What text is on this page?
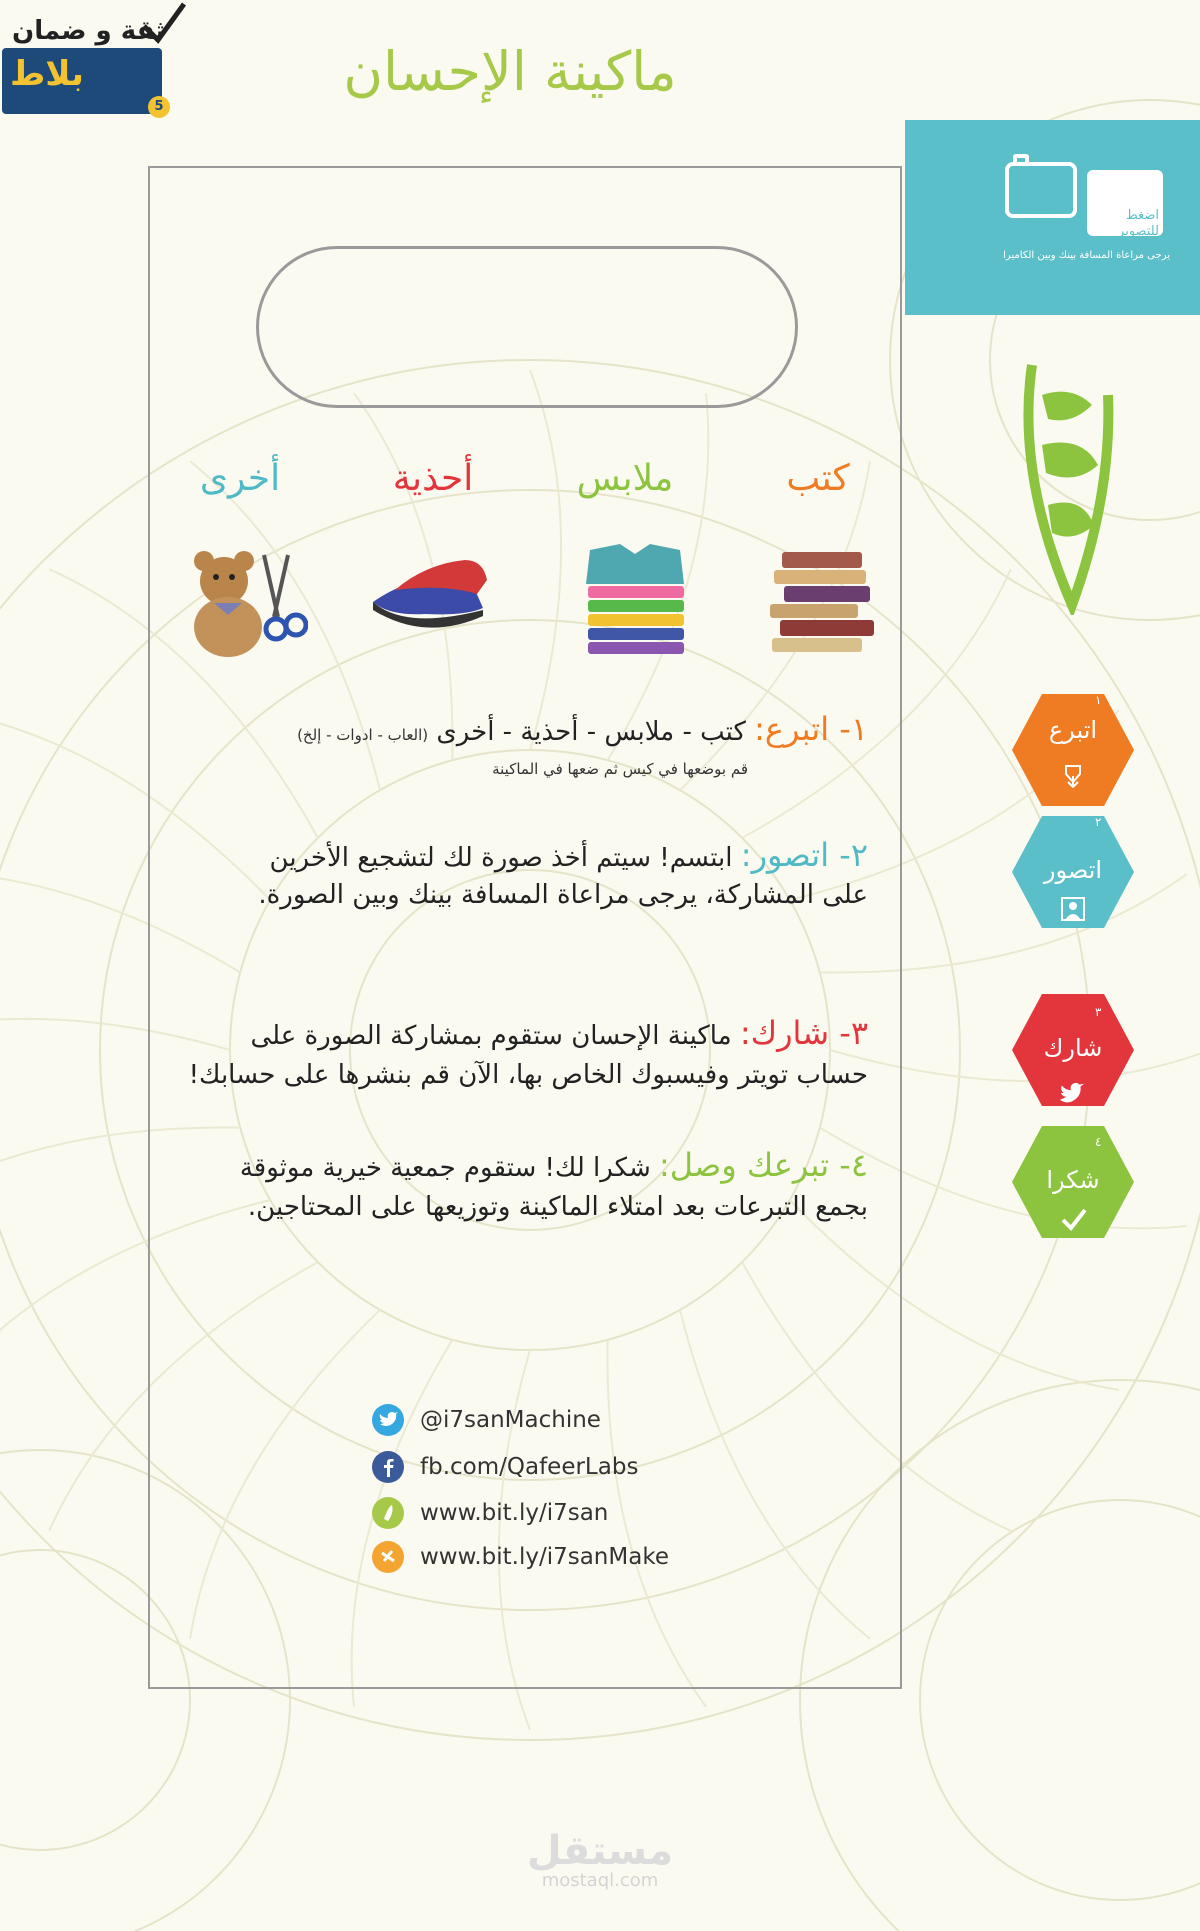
ثقة و ضمان
بلاط
5
ماكينة الإحسان
كتب
ملابس
أحذية
أخرى
١- اتبرع: كتب - ملابس - أحذية - أخرى (العاب - ادوات - إلخ)
قم بوضعها في كيس ثم ضعها في الماكينة
٢- اتصور: ابتسم! سيتم أخذ صورة لك لتشجيع الأخرين
على المشاركة، يرجى مراعاة المسافة بينك وبين الصورة.
٣- شارك: ماكينة الإحسان ستقوم بمشاركة الصورة على
حساب تويتر وفيسبوك الخاص بها، الآن قم بنشرها على حسابك!
٤- تبرعك وصل: شكرا لك! ستقوم جمعية خيرية موثوقة
بجمع التبرعات بعد امتلاء الماكينة وتوزيعها على المحتاجين.
@i7sanMachine
fb.com/QafeerLabs
www.bit.ly/i7san
www.bit.ly/i7sanMake
اضغط للتصوير
يرجى مراعاة المسافة بينك وبين الكاميرا
١
اتبرع
٢
اتصور
٣
شارك
٤
شكرا
مستقل
mostaql.com
